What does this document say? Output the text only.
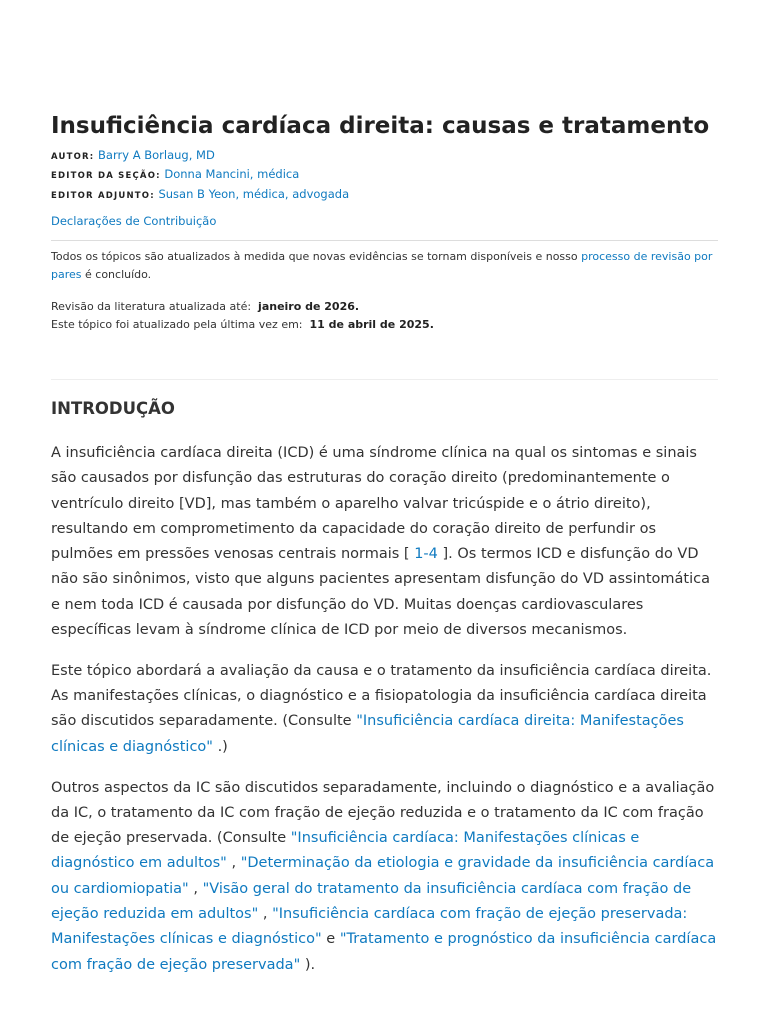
Insuficiência cardíaca direita: causas e tratamento
AUTOR: Barry A Borlaug, MD
EDITOR DA SEÇÃO: Donna Mancini, médica
EDITOR ADJUNTO: Susan B Yeon, médica, advogada
Declarações de Contribuição
Todos os tópicos são atualizados à medida que novas evidências se tornam disponíveis e nosso processo de revisão por pares é concluído.
Revisão da literatura atualizada até: janeiro de 2026.
Este tópico foi atualizado pela última vez em: 11 de abril de 2025.
INTRODUÇÃO

A insuficiência cardíaca direita (ICD) é uma síndrome clínica na qual os sintomas e sinais são causados por disfunção das estruturas do coração direito (predominantemente o ventrículo direito [VD], mas também o aparelho valvar tricúspide e o átrio direito), resultando em comprometimento da capacidade do coração direito de perfundir os pulmões em pressões venosas centrais normais [ 1-4 ]. Os termos ICD e disfunção do VD não são sinônimos, visto que alguns pacientes apresentam disfunção do VD assintomática e nem toda ICD é causada por disfunção do VD. Muitas doenças cardiovasculares específicas levam à síndrome clínica de ICD por meio de diversos mecanismos.

Este tópico abordará a avaliação da causa e o tratamento da insuficiência cardíaca direita. As manifestações clínicas, o diagnóstico e a fisiopatologia da insuficiência cardíaca direita são discutidos separadamente. (Consulte "Insuficiência cardíaca direita: Manifestações clínicas e diagnóstico" .)

Outros aspectos da IC são discutidos separadamente, incluindo o diagnóstico e a avaliação da IC, o tratamento da IC com fração de ejeção reduzida e o tratamento da IC com fração de ejeção preservada. (Consulte "Insuficiência cardíaca: Manifestações clínicas e diagnóstico em adultos" , "Determinação da etiologia e gravidade da insuficiência cardíaca ou cardiomiopatia" , "Visão geral do tratamento da insuficiência cardíaca com fração de ejeção reduzida em adultos" , "Insuficiência cardíaca com fração de ejeção preservada: Manifestações clínicas e diagnóstico" e "Tratamento e prognóstico da insuficiência cardíaca com fração de ejeção preservada" ).
